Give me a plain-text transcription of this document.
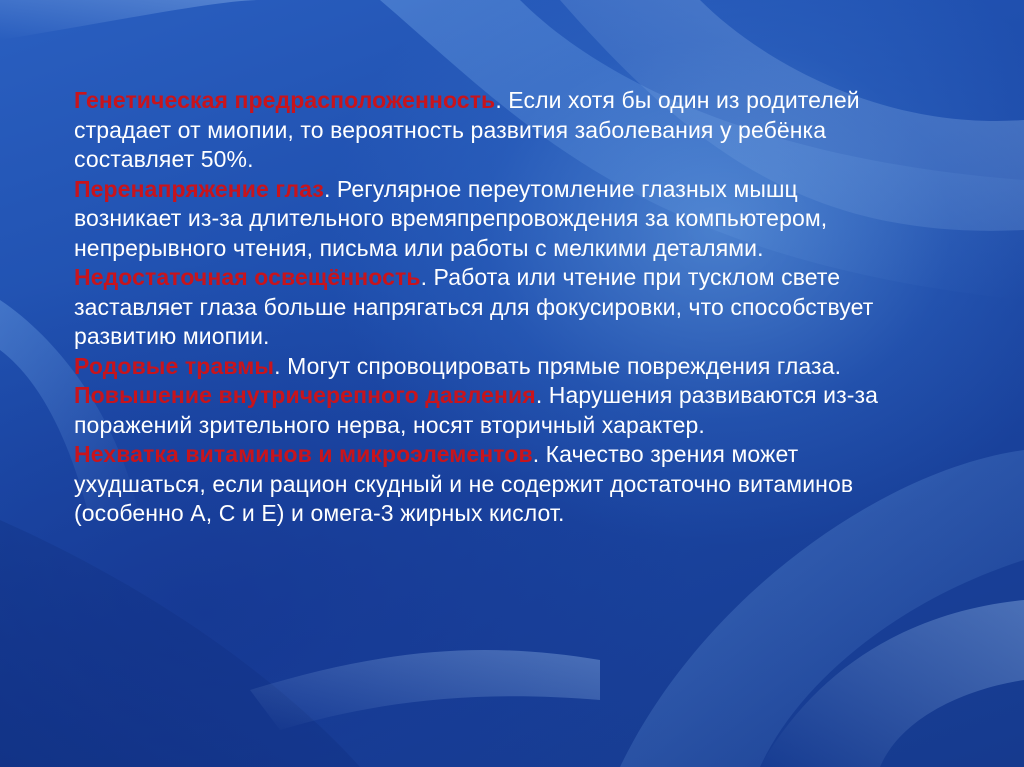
Генетическая предрасположенность. Если хотя бы один из родителей страдает от миопии, то вероятность развития заболевания у ребёнка составляет 50%.

Перенапряжение глаз. Регулярное переутомление глазных мышц возникает из-за длительного времяпрепровождения за компьютером, непрерывного чтения, письма или работы с мелкими деталями.

Недостаточная освещённость. Работа или чтение при тусклом свете заставляет глаза больше напрягаться для фокусировки, что способствует развитию миопии.

Родовые травмы. Могут спровоцировать прямые повреждения глаза.

Повышение внутричерепного давления. Нарушения развиваются из-за поражений зрительного нерва, носят вторичный характер.

Нехватка витаминов и микроэлементов. Качество зрения может ухудшаться, если рацион скудный и не содержит достаточно витаминов (особенно А, С и Е) и омега-3 жирных кислот.
